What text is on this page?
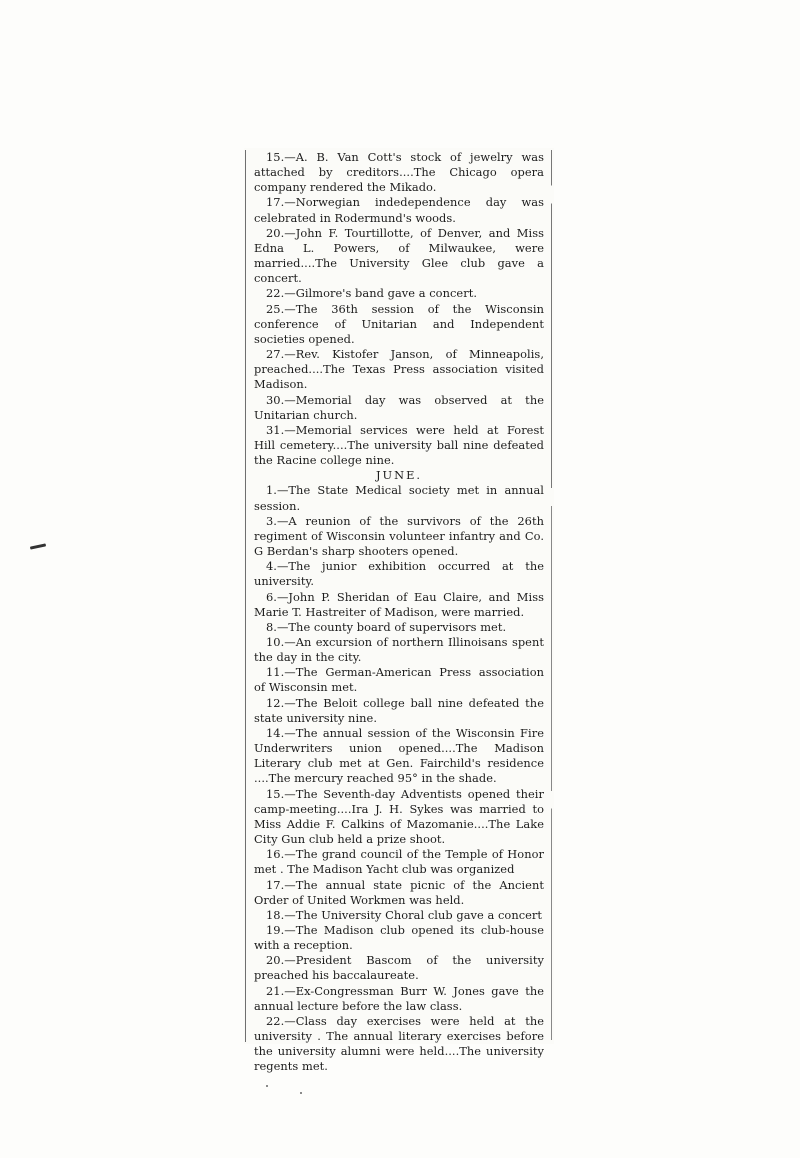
15.—A. B. Van Cott's stock of jewelry was attached by creditors....The Chicago opera company rendered the Mikado.

17.—Norwegian indedependence day was celebrated in Rodermund's woods.

20.—John F. Tourtillotte, of Denver, and Miss Edna L. Powers, of Milwaukee, were married....The University Glee club gave a concert.

22.—Gilmore's band gave a concert.

25.—The 36th session of the Wisconsin conference of Unitarian and Independent societies opened.

27.—Rev. Kistofer Janson, of Minneapolis, preached....The Texas Press association visited Madison.

30.—Memorial day was observed at the Unitarian church.

31.—Memorial services were held at Forest Hill cemetery....The university ball nine defeated the Racine college nine.

JUNE.

1.—The State Medical society met in annual session.

3.—A reunion of the survivors of the 26th regiment of Wisconsin volunteer infantry and Co. G Berdan's sharp shooters opened.

4.—The junior exhibition occurred at the university.

6.—John P. Sheridan of Eau Claire, and Miss Marie T. Hastreiter of Madison, were married.

8.—The county board of supervisors met.

10.—An excursion of northern Illinoisans spent the day in the city.

11.—The German-American Press association of Wisconsin met.

12.—The Beloit college ball nine defeated the state university nine.

14.—The annual session of the Wisconsin Fire Underwriters union opened....The Madison Literary club met at Gen. Fairchild's residence ....The mercury reached 95° in the shade.

15.—The Seventh-day Adventists opened their camp-meeting....Ira J. H. Sykes was married to Miss Addie F. Calkins of Mazomanie....The Lake City Gun club held a prize shoot.

16.—The grand council of the Temple of Honor met . The Madison Yacht club was organized

17.—The annual state picnic of the Ancient Order of United Workmen was held.

18.—The University Choral club gave a concert

19.—The Madison club opened its club-house with a reception.

20.—President Bascom of the university preached his baccalaureate.

21.—Ex-Congressman Burr W. Jones gave the annual lecture before the law class.

22.—Class day exercises were held at the university . The annual literary exercises before the university alumni were held....The university regents met.
